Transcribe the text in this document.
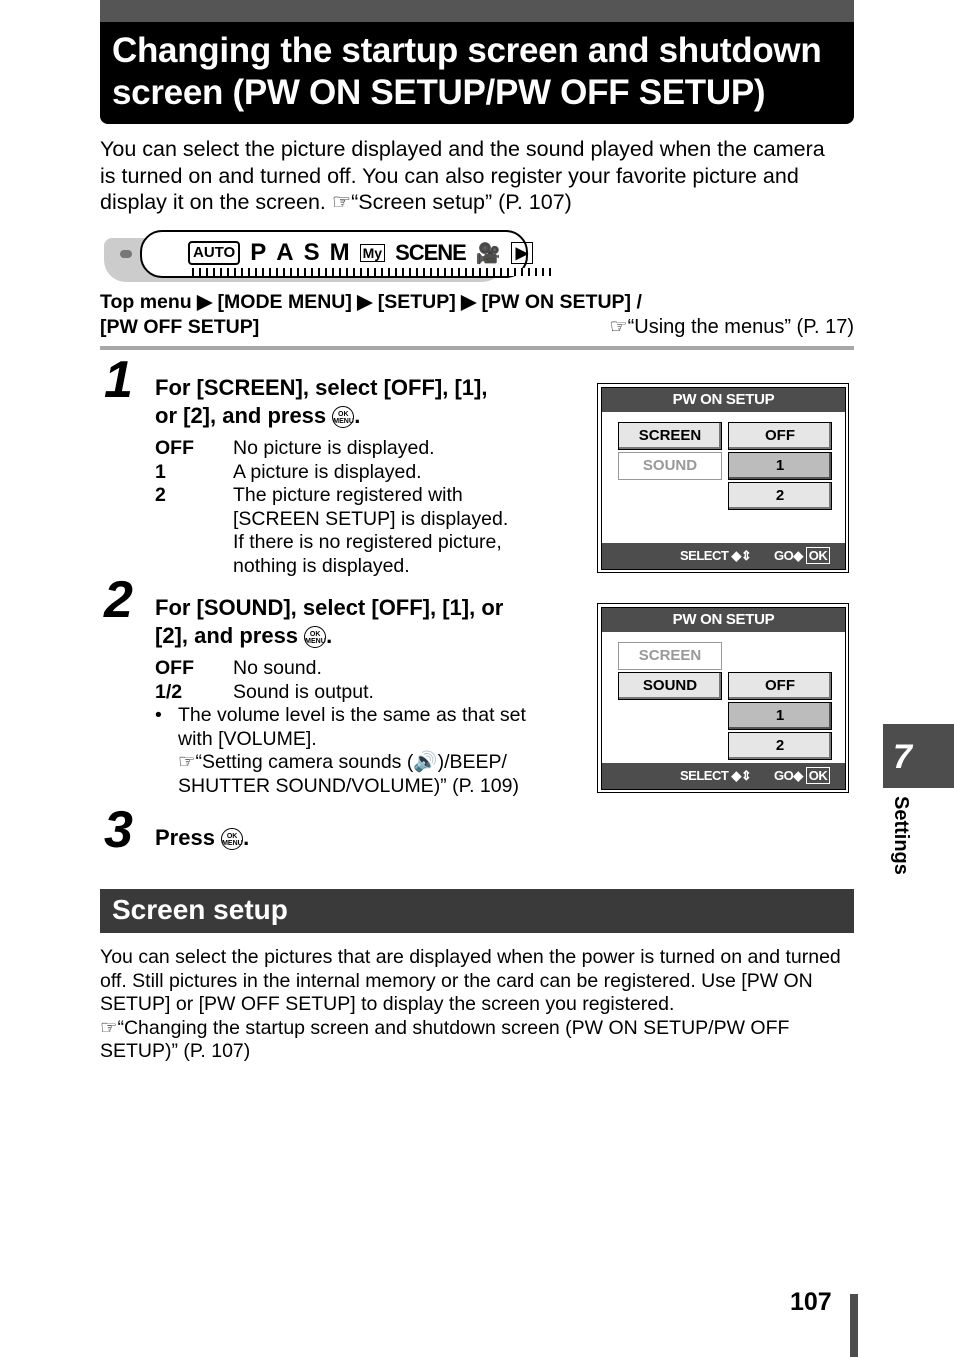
Changing the startup screen and shutdown screen (PW ON SETUP/PW OFF SETUP)
You can select the picture displayed and the sound played when the camera is turned on and turned off. You can also register your favorite picture and display it on the screen. ☞“Screen setup” (P. 107)
AUTO P A S M My SCENE 🎥 ▶
Top menu ▶ [MODE MENU] ▶ [SETUP] ▶ [PW ON SETUP] /
[PW OFF SETUP]	☞“Using the menus” (P. 17)
1 For [SCREEN], select [OFF], [1],
or [2], and press OK
MENU.
OFF No picture is displayed.
1	A picture is displayed.
2	The picture registered with
[SCREEN SETUP] is displayed.
If there is no registered picture,
nothing is displayed.
PW ON SETUP
SCREEN
SOUND
OFF
1
2
SELECT ◆⇕ GO◆ OK
2 For [SOUND], select [OFF], [1], or
[2], and press OK
MENU.
OFF No sound.
1/2	Sound is output.
• The volume level is the same as that set
with [VOLUME].
☞“Setting camera sounds (🔊)/BEEP/
SHUTTER SOUND/VOLUME)” (P. 109)
PW ON SETUP
SCREEN
SOUND	OFF
1
2
SELECT ◆⇕ GO◆ OK
3 Press OK
MENU.
Screen setup
You can select the pictures that are displayed when the power is turned on and turned off. Still pictures in the internal memory or the card can be registered. Use [PW ON SETUP] or [PW OFF SETUP] to display the screen you registered.
☞“Changing the startup screen and shutdown screen (PW ON SETUP/PW OFF SETUP)” (P. 107)
7
Settings
107
